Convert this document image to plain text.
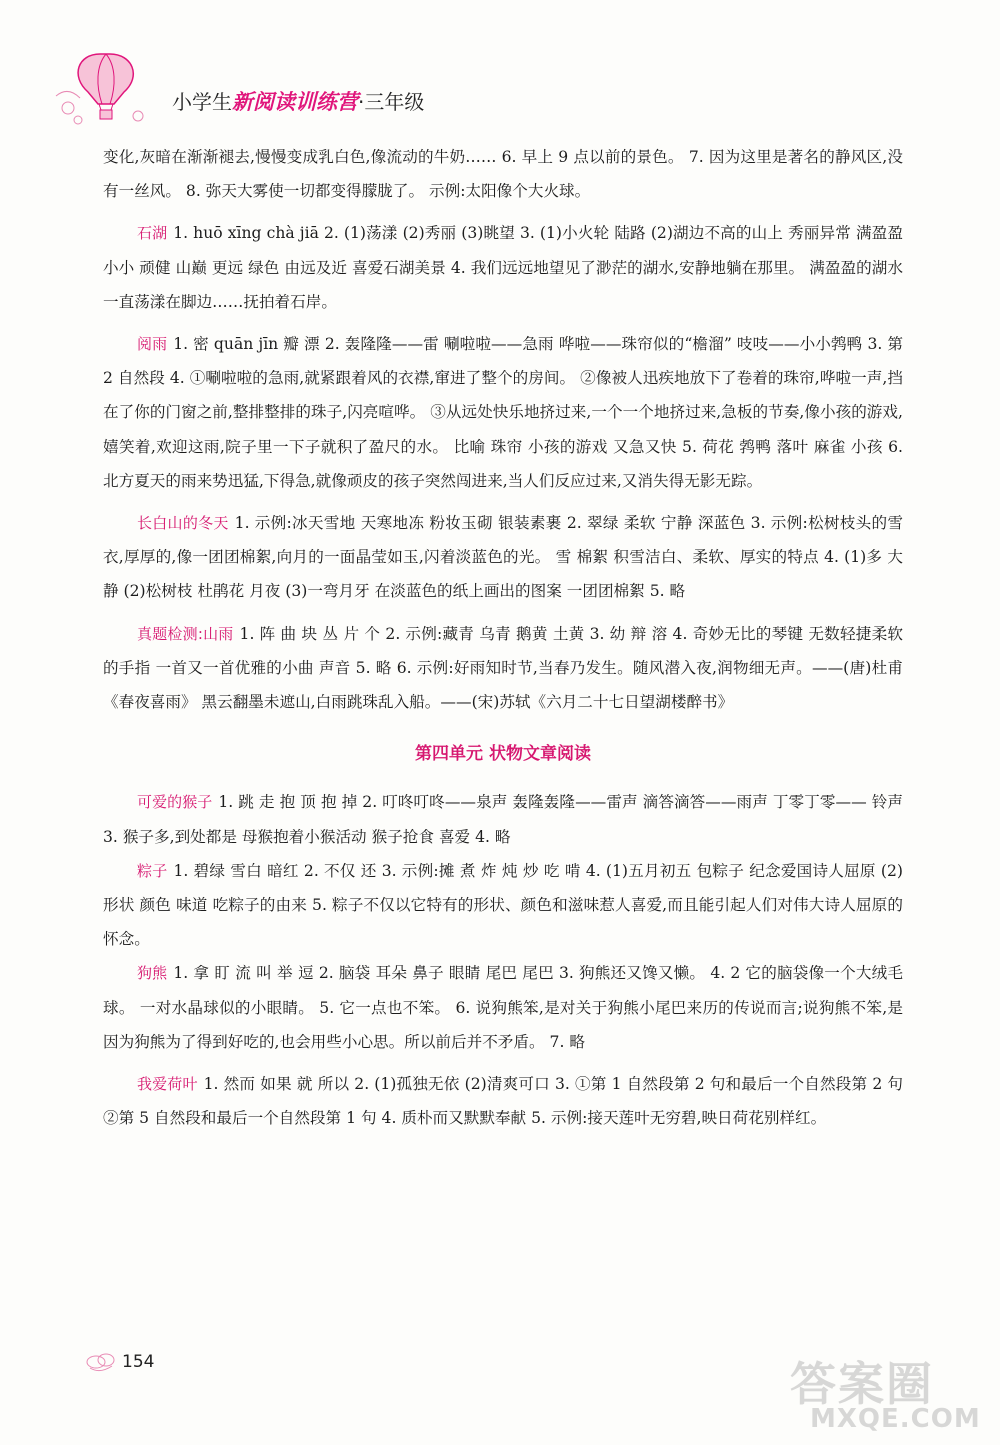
小学生新阅读训练营·三年级

变化,灰暗在渐渐褪去,慢慢变成乳白色,像流动的牛奶…… 6. 早上 9 点以前的景色。 7. 因为这里是著名的静风区,没有一丝风。 8. 弥天大雾使一切都变得朦胧了。 示例:太阳像个大火球。

石湖 1. huō xīng chà jiā 2. (1)荡漾 (2)秀丽 (3)眺望 3. (1)小火轮 陆路 (2)湖边不高的山上 秀丽异常 满盈盈 小小 顽健 山巅 更远 绿色 由远及近 喜爱石湖美景 4. 我们远远地望见了渺茫的湖水,安静地躺在那里。 满盈盈的湖水一直荡漾在脚边……抚拍着石岸。

阅雨 1. 密 quān jīn 瓣 漂 2. 轰隆隆——雷 唰啦啦——急雨 哗啦——珠帘似的“檐溜” 吱吱——小小鹁鸭 3. 第 2 自然段 4. ①唰啦啦的急雨,就紧跟着风的衣襟,窜进了整个的房间。 ②像被人迅疾地放下了卷着的珠帘,哗啦一声,挡在了你的门窗之前,整排整排的珠子,闪亮喧哗。 ③从远处快乐地挤过来,一个一个地挤过来,急板的节奏,像小孩的游戏,嬉笑着,欢迎这雨,院子里一下子就积了盈尺的水。 比喻 珠帘 小孩的游戏 又急又快 5. 荷花 鹁鸭 落叶 麻雀 小孩 6. 北方夏天的雨来势迅猛,下得急,就像顽皮的孩子突然闯进来,当人们反应过来,又消失得无影无踪。

长白山的冬天 1. 示例:冰天雪地 天寒地冻 粉妆玉砌 银装素裹 2. 翠绿 柔软 宁静 深蓝色 3. 示例:松树枝头的雪衣,厚厚的,像一团团棉絮,向月的一面晶莹如玉,闪着淡蓝色的光。 雪 棉絮 积雪洁白、柔软、厚实的特点 4. (1)多 大 静 (2)松树枝 杜鹃花 月夜 (3)一弯月牙 在淡蓝色的纸上画出的图案 一团团棉絮 5. 略

真题检测:山雨 1. 阵 曲 块 丛 片 个 2. 示例:藏青 乌青 鹅黄 土黄 3. 幼 辩 溶 4. 奇妙无比的琴键 无数轻捷柔软的手指 一首又一首优雅的小曲 声音 5. 略 6. 示例:好雨知时节,当春乃发生。随风潜入夜,润物细无声。——(唐)杜甫《春夜喜雨》 黑云翻墨未遮山,白雨跳珠乱入船。——(宋)苏轼《六月二十七日望湖楼醉书》

第四单元 状物文章阅读

可爱的猴子 1. 跳 走 抱 顶 抱 掉 2. 叮咚叮咚——泉声 轰隆轰隆——雷声 滴答滴答——雨声 丁零丁零—— 铃声 3. 猴子多,到处都是 母猴抱着小猴活动 猴子抢食 喜爱 4. 略

粽子 1. 碧绿 雪白 暗红 2. 不仅 还 3. 示例:摊 煮 炸 炖 炒 吃 啃 4. (1)五月初五 包粽子 纪念爱国诗人屈原 (2)形状 颜色 味道 吃粽子的由来 5. 粽子不仅以它特有的形状、颜色和滋味惹人喜爱,而且能引起人们对伟大诗人屈原的怀念。

狗熊 1. 拿 盯 流 叫 举 逗 2. 脑袋 耳朵 鼻子 眼睛 尾巴 尾巴 3. 狗熊还又馋又懒。 4. 2 它的脑袋像一个大绒毛球。 一对水晶球似的小眼睛。 5. 它一点也不笨。 6. 说狗熊笨,是对关于狗熊小尾巴来历的传说而言;说狗熊不笨,是因为狗熊为了得到好吃的,也会用些小心思。所以前后并不矛盾。 7. 略

我爱荷叶 1. 然而 如果 就 所以 2. (1)孤独无依 (2)清爽可口 3. ①第 1 自然段第 2 句和最后一个自然段第 2 句 ②第 5 自然段和最后一个自然段第 1 句 4. 质朴而又默默奉献 5. 示例:接天莲叶无穷碧,映日荷花别样红。

154	答案圈
MXQE.COM
